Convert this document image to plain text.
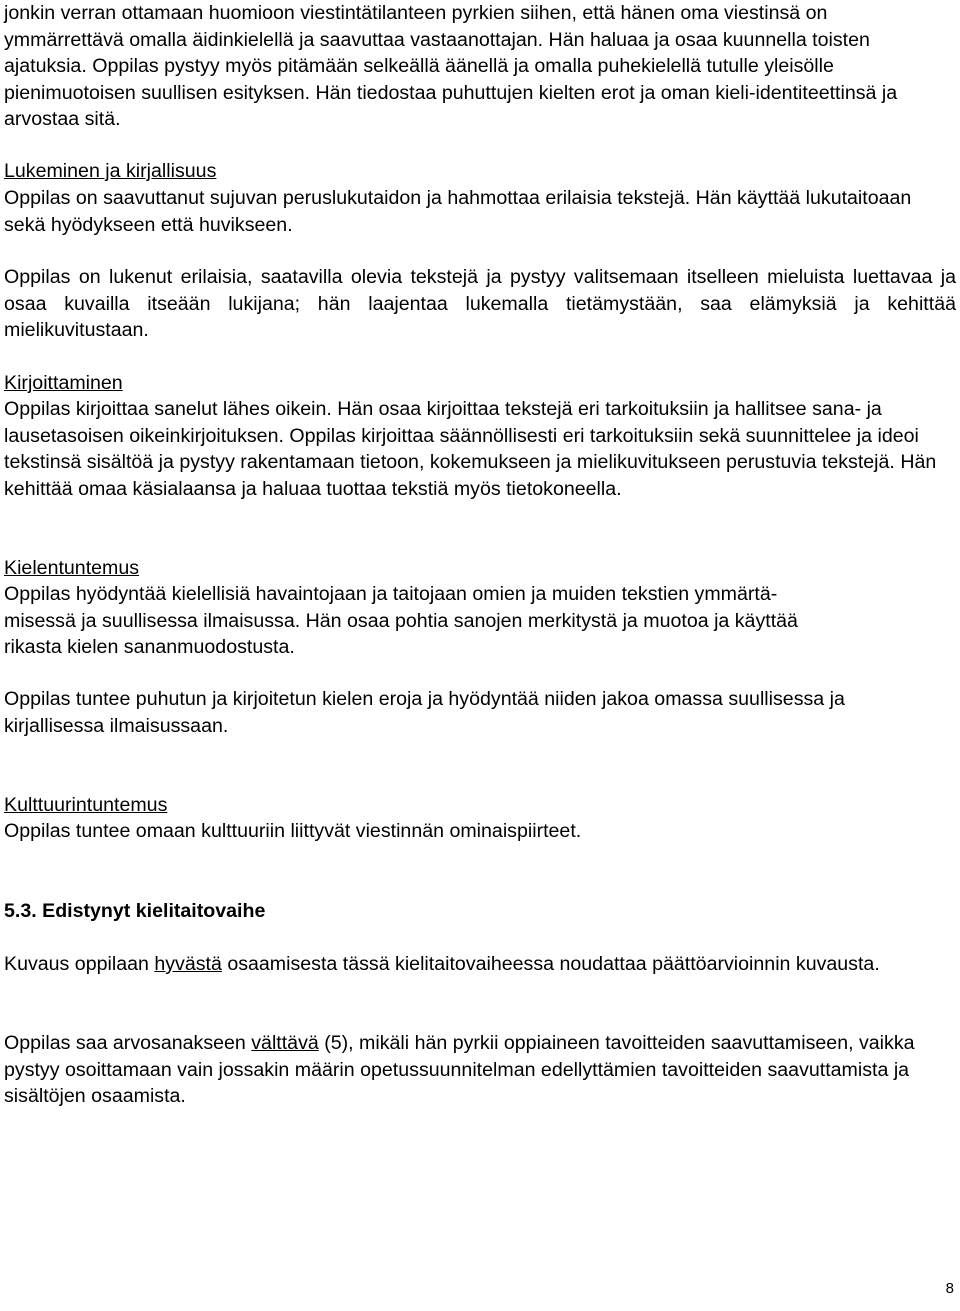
jonkin verran ottamaan huomioon viestintätilanteen pyrkien siihen, että hänen oma viestinsä on ymmärrettävä omalla äidinkielellä ja saavuttaa vastaanottajan. Hän haluaa ja osaa kuunnella toisten ajatuksia. Oppilas pystyy myös pitämään selkeällä äänellä ja omalla puhekielellä tutulle yleisölle pienimuotoisen suullisen esityksen. Hän tiedostaa puhuttujen kielten erot ja oman kieli-identiteettinsä ja arvostaa sitä.

Lukeminen ja kirjallisuus

Oppilas on saavuttanut sujuvan peruslukutaidon ja hahmottaa erilaisia tekstejä. Hän käyttää lukutaitoaan sekä hyödykseen että huvikseen.

Oppilas on lukenut erilaisia, saatavilla olevia tekstejä ja pystyy valitsemaan itselleen mieluista luettavaa ja osaa kuvailla itseään lukijana; hän laajentaa lukemalla tietämystään, saa elämyksiä ja kehittää mielikuvitustaan.

Kirjoittaminen

Oppilas kirjoittaa sanelut lähes oikein. Hän osaa kirjoittaa tekstejä eri tarkoituksiin ja hallitsee sana- ja lausetasoisen oikeinkirjoituksen. Oppilas kirjoittaa säännöllisesti eri tarkoituksiin sekä suunnittelee ja ideoi tekstinsä sisältöä ja pystyy rakentamaan tietoon, kokemukseen ja mielikuvitukseen perustuvia tekstejä. Hän kehittää omaa käsialaansa ja haluaa tuottaa tekstiä myös tietokoneella.

Kielentuntemus

Oppilas hyödyntää kielellisiä havaintojaan ja taitojaan omien ja muiden tekstien ymmärtä-
misessä ja suullisessa ilmaisussa. Hän osaa pohtia sanojen merkitystä ja muotoa ja käyttää
rikasta kielen sananmuodostusta.

Oppilas tuntee puhutun ja kirjoitetun kielen eroja ja hyödyntää niiden jakoa omassa suullisessa ja kirjallisessa ilmaisussaan.

Kulttuurintuntemus

Oppilas tuntee omaan kulttuuriin liittyvät viestinnän ominaispiirteet.

5.3. Edistynyt kielitaitovaihe

Kuvaus oppilaan hyvästä osaamisesta tässä kielitaitovaiheessa noudattaa päättöarvioinnin kuvausta.

Oppilas saa arvosanakseen välttävä (5), mikäli hän pyrkii oppiaineen tavoitteiden saavuttamiseen, vaikka pystyy osoittamaan vain jossakin määrin opetussuunnitelman edellyttämien tavoitteiden saavuttamista ja sisältöjen osaamista.

8
